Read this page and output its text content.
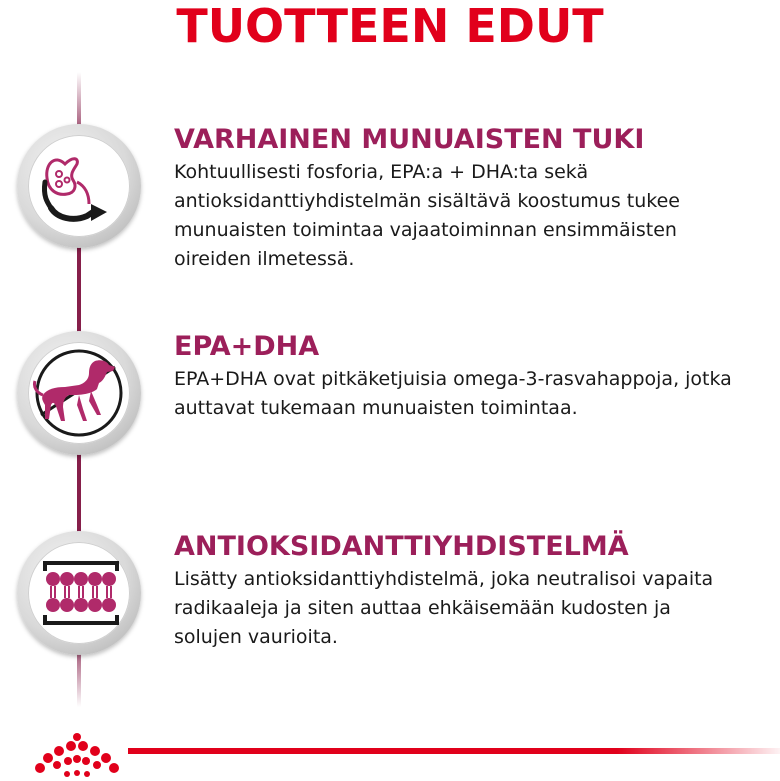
TUOTTEEN EDUT
VARHAINEN MUNUAISTEN TUKI
Kohtuullisesti fosforia, EPA:a + DHA:ta sekä
antioksidanttiyhdistelmän sisältävä koostumus tukee
munuaisten toimintaa vajaatoiminnan ensimmäisten
oireiden ilmetessä.
EPA+DHA
EPA+DHA ovat pitkäketjuisia omega-3-rasvahappoja, jotka
auttavat tukemaan munuaisten toimintaa.
ANTIOKSIDANTTIYHDISTELMÄ
Lisätty antioksidanttiyhdistelmä, joka neutralisoi vapaita
radikaaleja ja siten auttaa ehkäisemään kudosten ja
solujen vaurioita.
